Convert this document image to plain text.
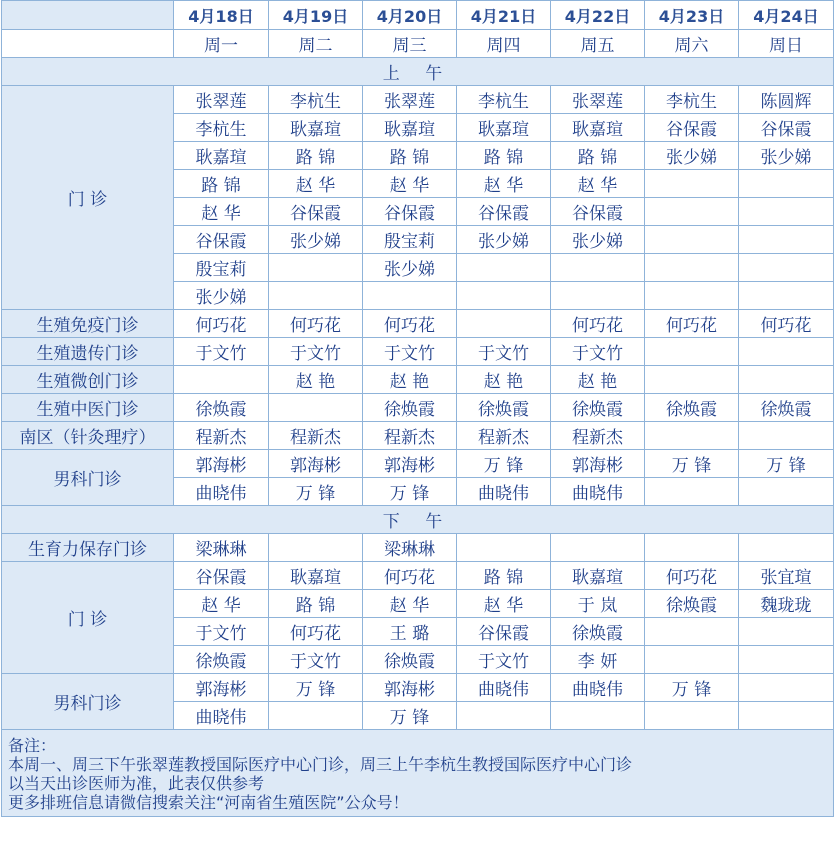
	4月18日	4月19日	4月20日	4月21日	4月22日	4月23日	4月24日
	周一	周二	周三	周四	周五	周六	周日
上 午							
门 诊	张翠莲	李杭生	张翠莲	李杭生	张翠莲	李杭生	陈圆辉
	李杭生	耿嘉瑄	耿嘉瑄	耿嘉瑄	耿嘉瑄	谷保霞	谷保霞
	耿嘉瑄	路 锦	路 锦	路 锦	路 锦	张少娣	张少娣
	路 锦	赵 华	赵 华	赵 华	赵 华		
	赵 华	谷保霞	谷保霞	谷保霞	谷保霞		
	谷保霞	张少娣	殷宝莉	张少娣	张少娣		
	殷宝莉		张少娣				
	张少娣						
生殖免疫门诊	何巧花	何巧花	何巧花		何巧花	何巧花	何巧花
生殖遗传门诊	于文竹	于文竹	于文竹	于文竹	于文竹		
生殖微创门诊		赵 艳	赵 艳	赵 艳	赵 艳		
生殖中医门诊	徐焕霞		徐焕霞	徐焕霞	徐焕霞	徐焕霞	徐焕霞
南区（针灸理疗）	程新杰	程新杰	程新杰	程新杰	程新杰		
男科门诊	郭海彬	郭海彬	郭海彬	万 锋	郭海彬	万 锋	万 锋
	曲晓伟	万 锋	万 锋	曲晓伟	曲晓伟		
下 午							
生育力保存门诊	梁琳琳		梁琳琳				
门 诊	谷保霞	耿嘉瑄	何巧花	路 锦	耿嘉瑄	何巧花	张宜瑄
	赵 华	路 锦	赵 华	赵 华	于 岚	徐焕霞	魏珑珑
	于文竹	何巧花	王 璐	谷保霞	徐焕霞		
	徐焕霞	于文竹	徐焕霞	于文竹	李 妍		
男科门诊	郭海彬	万 锋	郭海彬	曲晓伟	曲晓伟	万 锋	
	曲晓伟		万 锋				

备注：
本周一、周三下午张翠莲教授国际医疗中心门诊，周三上午李杭生教授国际医疗中心门诊
以当天出诊医师为准，此表仅供参考
更多排班信息请微信搜索关注“河南省生殖医院”公众号！							
